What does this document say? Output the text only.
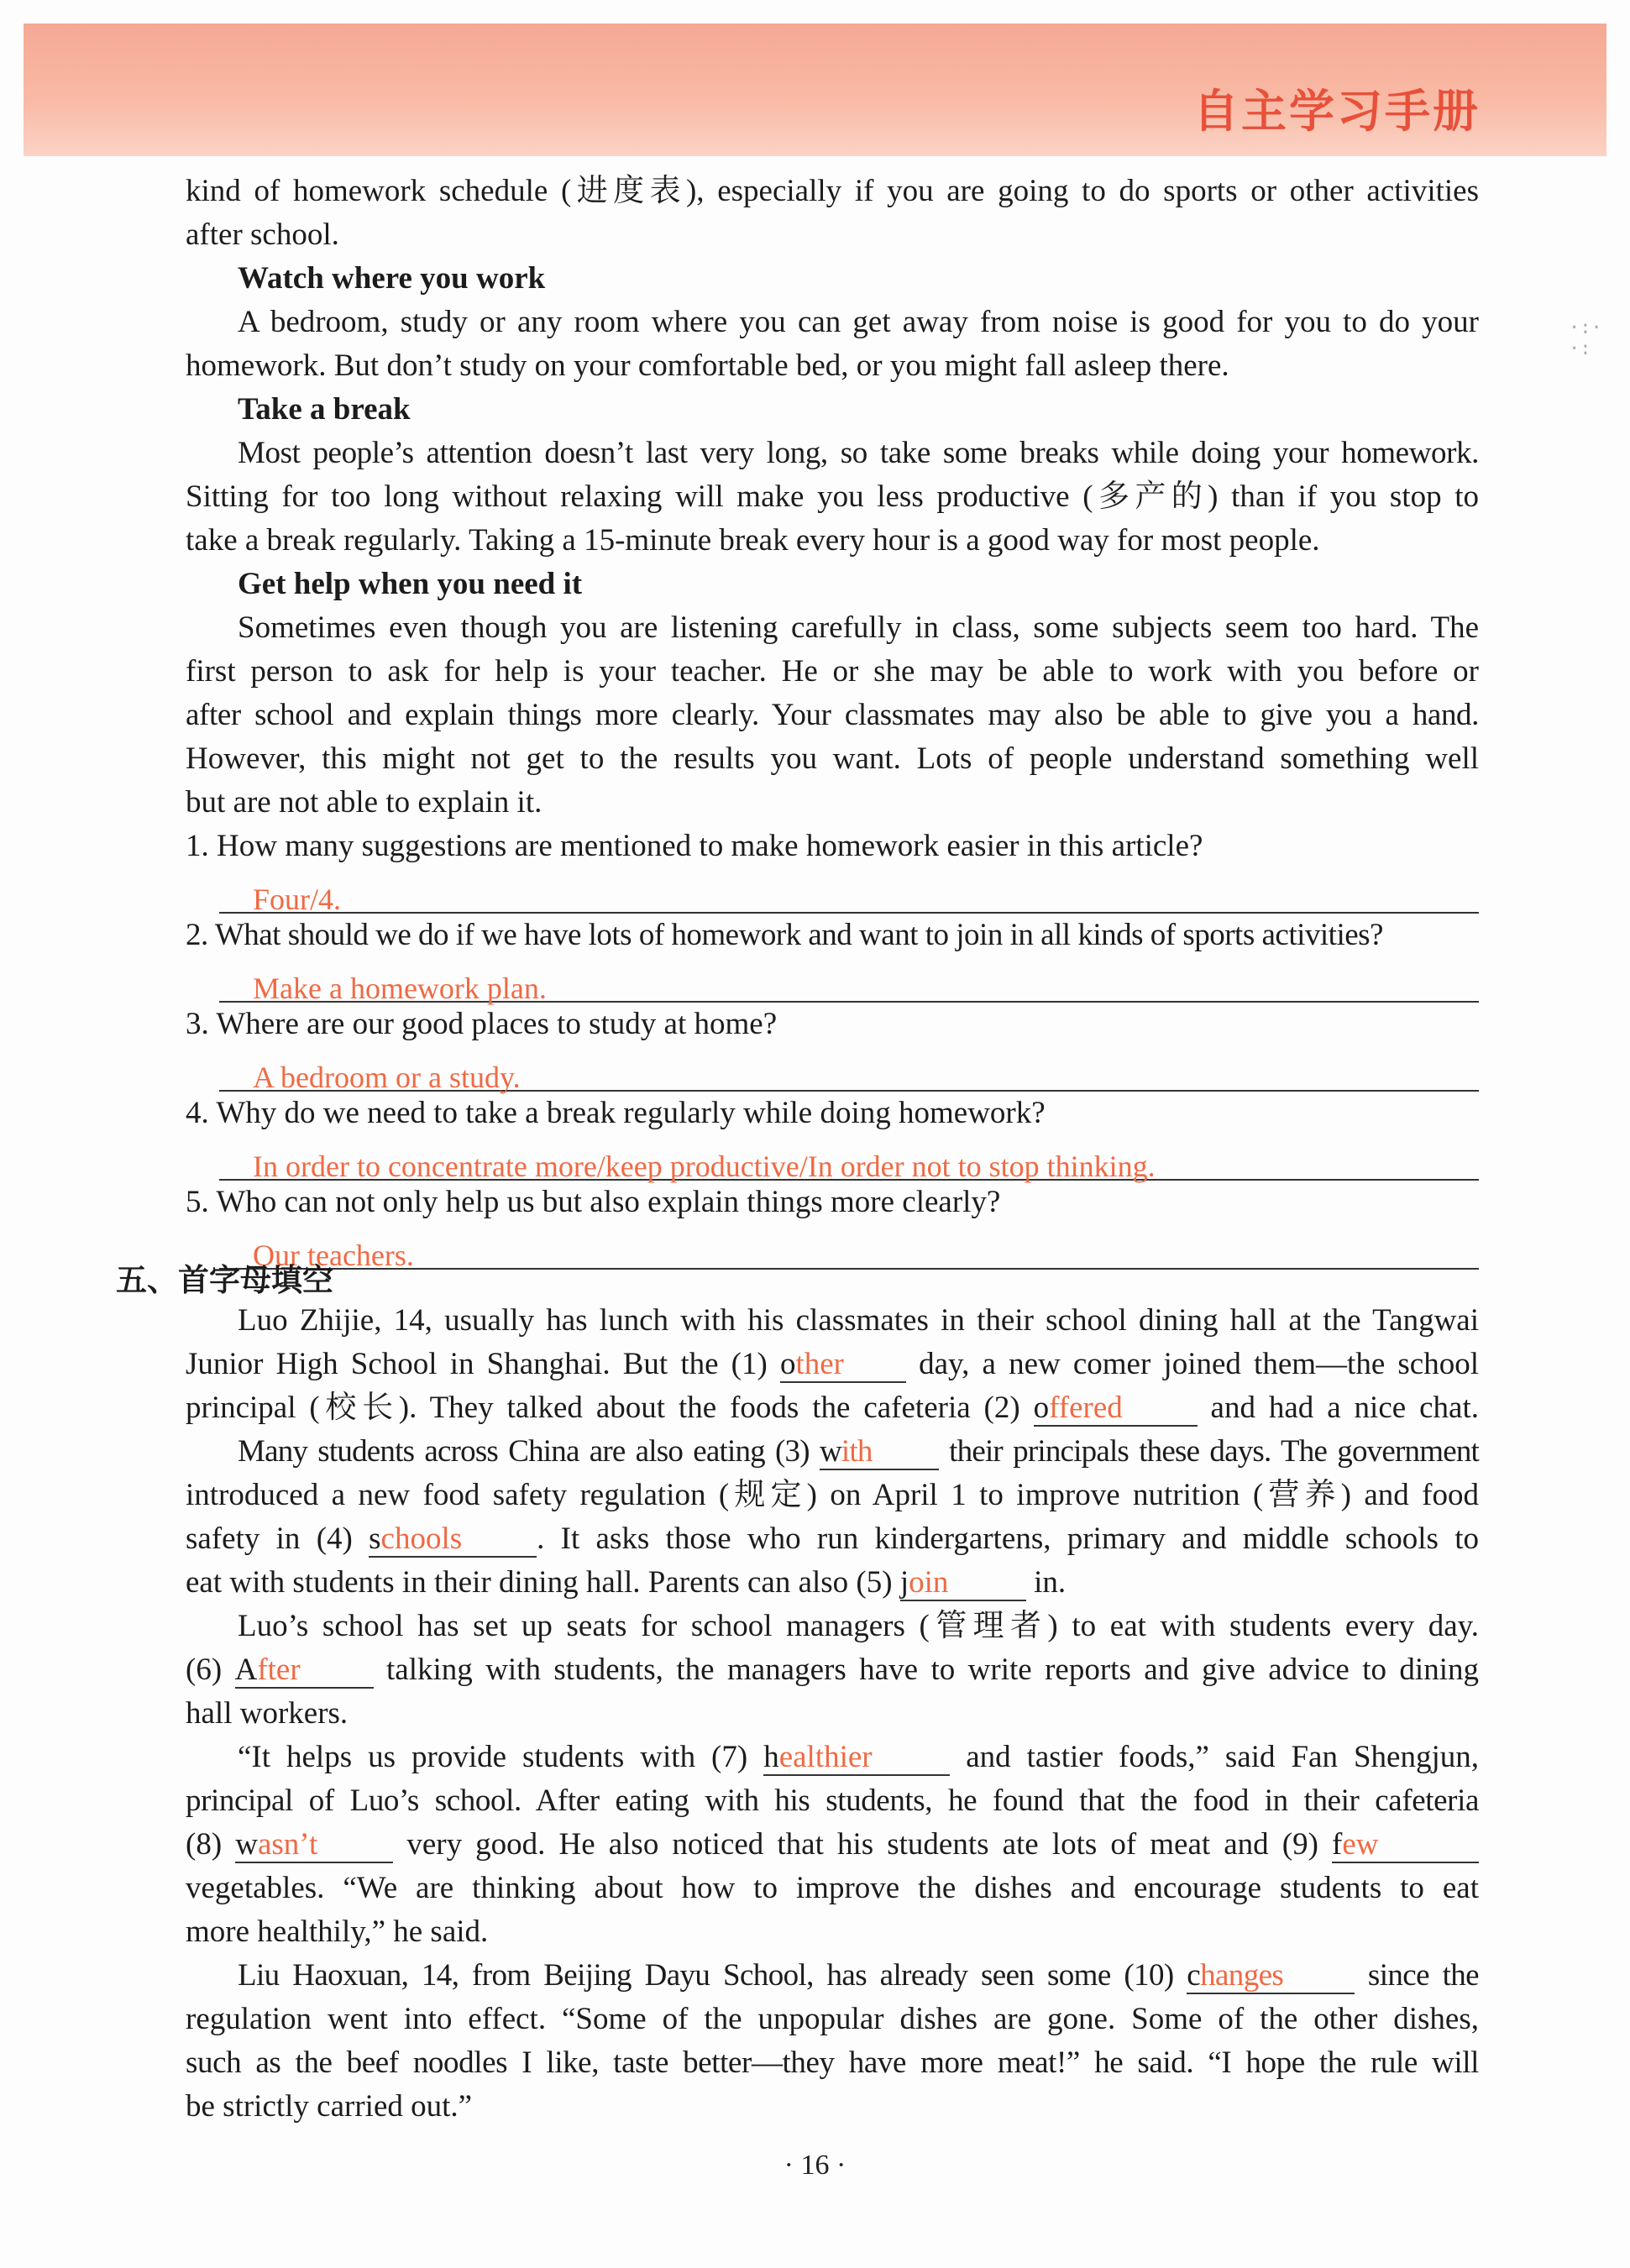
自主学习手册
·:·
·:

kind of homework schedule (进度表), especially if you are going to do sports or other activities

after school.

Watch where you work

A bedroom, study or any room where you can get away from noise is good for you to do your

homework. But don’t study on your comfortable bed, or you might fall asleep there.

Take a break

Most people’s attention doesn’t last very long, so take some breaks while doing your homework.

Sitting for too long without relaxing will make you less productive (多产的) than if you stop to

take a break regularly. Taking a 15-minute break every hour is a good way for most people.

Get help when you need it

Sometimes even though you are listening carefully in class, some subjects seem too hard. The

first person to ask for help is your teacher. He or she may be able to work with you before or

after school and explain things more clearly. Your classmates may also be able to give you a hand.

However, this might not get to the results you want. Lots of people understand something well

but are not able to explain it.

1. How many suggestions are mentioned to make homework easier in this article?

Four/4.

2. What should we do if we have lots of homework and want to join in all kinds of sports activities?

Make a homework plan.

3. Where are our good places to study at home?

A bedroom or a study.

4. Why do we need to take a break regularly while doing homework?

In order to concentrate more/keep productive/In order not to stop thinking.

5. Who can not only help us but also explain things more clearly?

Our teachers.
五、首字母填空

Luo Zhijie, 14, usually has lunch with his classmates in their school dining hall at the Tangwai

Junior High School in Shanghai. But the (1) other day, a new comer joined them—the school

principal (校长). They talked about the foods the cafeteria (2) offered and had a nice chat.

Many students across China are also eating (3) with their principals these days. The government

introduced a new food safety regulation (规定) on April 1 to improve nutrition (营养) and food

safety in (4) schools . It asks those who run kindergartens, primary and middle schools to

eat with students in their dining hall. Parents can also (5) join in.

Luo’s school has set up seats for school managers (管理者) to eat with students every day.

(6) After talking with students, the managers have to write reports and give advice to dining

hall workers.

“It helps us provide students with (7) healthier	and tastier foods,” said Fan Shengjun,

principal of Luo’s school. After eating with his students, he found that the food in their cafeteria

(8) wasn’t very good. He also noticed that his students ate lots of meat and (9) few

vegetables. “We are thinking about how to improve the dishes and encourage students to eat

more healthily,” he said.

Liu Haoxuan, 14, from Beijing Dayu School, has already seen some (10) changes since the

regulation went into effect. “Some of the unpopular dishes are gone. Some of the other dishes,

such as the beef noodles I like, taste better—they have more meat!” he said. “I hope the rule will

be strictly carried out.”

· 16 ·
